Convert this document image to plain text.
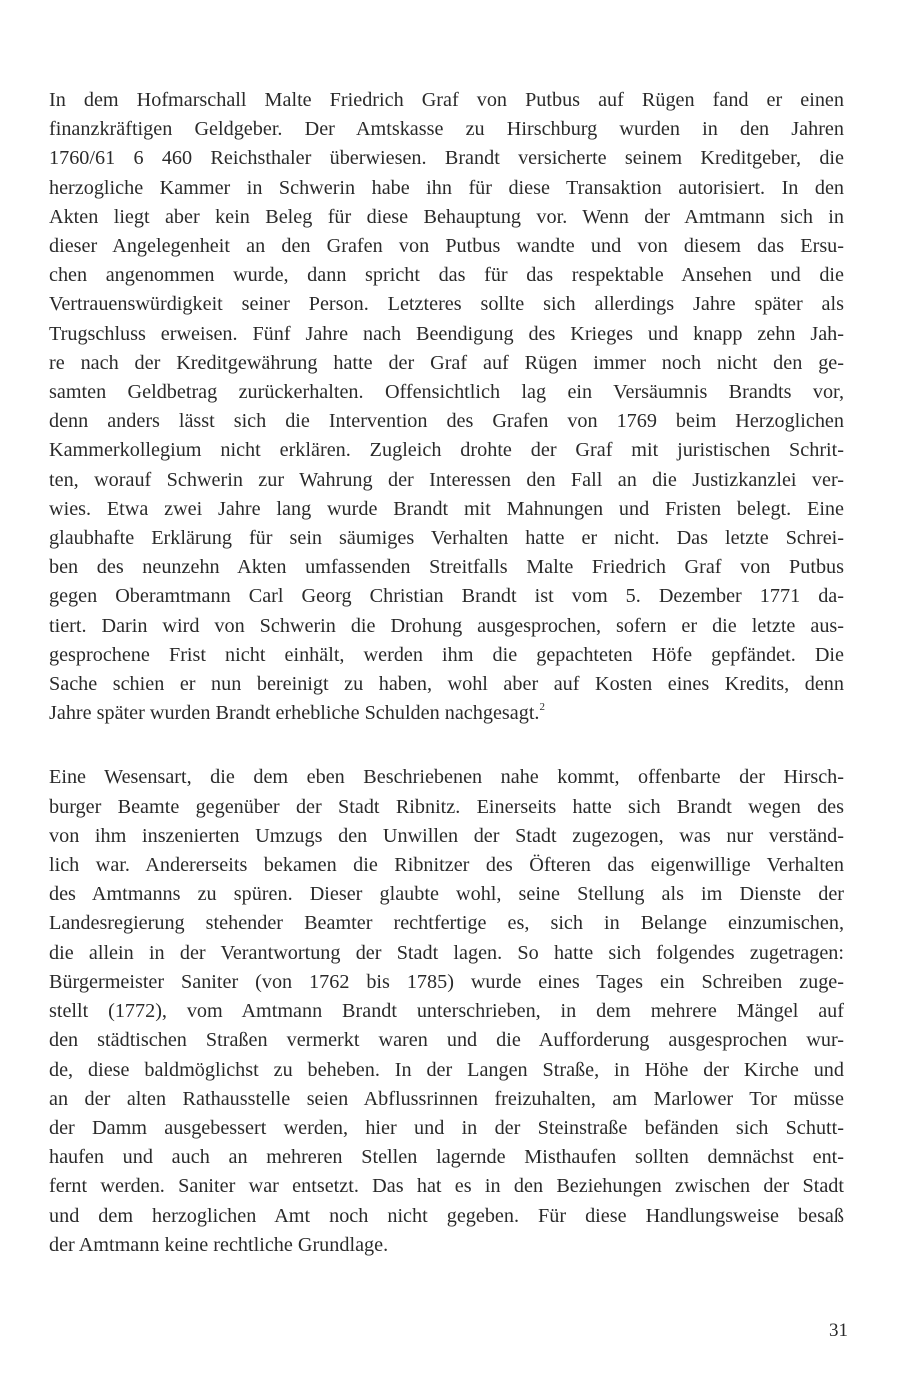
In dem Hofmarschall Malte Friedrich Graf von Putbus auf Rügen fand er einen
finanzkräftigen Geldgeber. Der Amtskasse zu Hirschburg wurden in den Jahren
1760/61 6 460 Reichsthaler überwiesen. Brandt versicherte seinem Kreditgeber, die
herzogliche Kammer in Schwerin habe ihn für diese Transaktion autorisiert. In den
Akten liegt aber kein Beleg für diese Behauptung vor. Wenn der Amtmann sich in
dieser Angelegenheit an den Grafen von Putbus wandte und von diesem das Ersu-
chen angenommen wurde, dann spricht das für das respektable Ansehen und die
Vertrauenswürdigkeit seiner Person. Letzteres sollte sich allerdings Jahre später als
Trugschluss erweisen. Fünf Jahre nach Beendigung des Krieges und knapp zehn Jah-
re nach der Kreditgewährung hatte der Graf auf Rügen immer noch nicht den ge-
samten Geldbetrag zurückerhalten. Offensichtlich lag ein Versäumnis Brandts vor,
denn anders lässt sich die Intervention des Grafen von 1769 beim Herzoglichen
Kammerkollegium nicht erklären. Zugleich drohte der Graf mit juristischen Schrit-
ten, worauf Schwerin zur Wahrung der Interessen den Fall an die Justizkanzlei ver-
wies. Etwa zwei Jahre lang wurde Brandt mit Mahnungen und Fristen belegt. Eine
glaubhafte Erklärung für sein säumiges Verhalten hatte er nicht. Das letzte Schrei-
ben des neunzehn Akten umfassenden Streitfalls Malte Friedrich Graf von Putbus
gegen Oberamtmann Carl Georg Christian Brandt ist vom 5. Dezember 1771 da-
tiert. Darin wird von Schwerin die Drohung ausgesprochen, sofern er die letzte aus-
gesprochene Frist nicht einhält, werden ihm die gepachteten Höfe gepfändet. Die
Sache schien er nun bereinigt zu haben, wohl aber auf Kosten eines Kredits, denn
Jahre später wurden Brandt erhebliche Schulden nachgesagt.$^2$

Eine Wesensart, die dem eben Beschriebenen nahe kommt, offenbarte der Hirsch-
burger Beamte gegenüber der Stadt Ribnitz. Einerseits hatte sich Brandt wegen des
von ihm inszenierten Umzugs den Unwillen der Stadt zugezogen, was nur verständ-
lich war. Andererseits bekamen die Ribnitzer des Öfteren das eigenwillige Verhalten
des Amtmanns zu spüren. Dieser glaubte wohl, seine Stellung als im Dienste der
Landesregierung stehender Beamter rechtfertige es, sich in Belange einzumischen,
die allein in der Verantwortung der Stadt lagen. So hatte sich folgendes zugetragen:
Bürgermeister Saniter (von 1762 bis 1785) wurde eines Tages ein Schreiben zuge-
stellt (1772), vom Amtmann Brandt unterschrieben, in dem mehrere Mängel auf
den städtischen Straßen vermerkt waren und die Aufforderung ausgesprochen wur-
de, diese baldmöglichst zu beheben. In der Langen Straße, in Höhe der Kirche und
an der alten Rathausstelle seien Abflussrinnen freizuhalten, am Marlower Tor müsse
der Damm ausgebessert werden, hier und in der Steinstraße befänden sich Schutt-
haufen und auch an mehreren Stellen lagernde Misthaufen sollten demnächst ent-
fernt werden. Saniter war entsetzt. Das hat es in den Beziehungen zwischen der Stadt
und dem herzoglichen Amt noch nicht gegeben. Für diese Handlungsweise besaß
der Amtmann keine rechtliche Grundlage.

31
